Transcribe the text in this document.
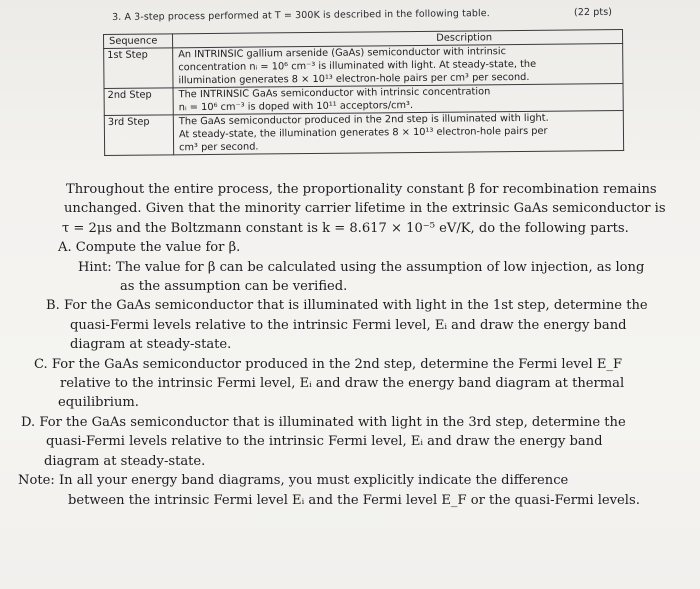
3. A 3-step process performed at T = 300K is described in the following table.	(22 pts)
Sequence	Description
1st Step	An INTRINSIC gallium arsenide (GaAs) semiconductor with intrinsic
concentration nᵢ = 10⁶ cm⁻³ is illuminated with light. At steady-state, the
illumination generates 8 × 10¹³ electron-hole pairs per cm³ per second.

2nd Step	The INTRINSIC GaAs semiconductor with intrinsic concentration
nᵢ = 10⁶ cm⁻³ is doped with 10¹¹ acceptors/cm³.

3rd Step	The GaAs semiconductor produced in the 2nd step is illuminated with light.
At steady-state, the illumination generates 8 × 10¹³ electron-hole pairs per
cm³ per second.

Throughout the entire process, the proportionality constant β for recombination remains

unchanged. Given that the minority carrier lifetime in the extrinsic GaAs semiconductor is

τ = 2μs and the Boltzmann constant is k = 8.617 × 10⁻⁵ eV/K, do the following parts.

A. Compute the value for β.

Hint: The value for β can be calculated using the assumption of low injection, as long

as the assumption can be verified.

B. For the GaAs semiconductor that is illuminated with light in the 1st step, determine the

quasi-Fermi levels relative to the intrinsic Fermi level, Eᵢ and draw the energy band

diagram at steady-state.

C. For the GaAs semiconductor produced in the 2nd step, determine the Fermi level E_F

relative to the intrinsic Fermi level, Eᵢ and draw the energy band diagram at thermal

equilibrium.

D. For the GaAs semiconductor that is illuminated with light in the 3rd step, determine the

quasi-Fermi levels relative to the intrinsic Fermi level, Eᵢ and draw the energy band

diagram at steady-state.

Note: In all your energy band diagrams, you must explicitly indicate the difference

between the intrinsic Fermi level Eᵢ and the Fermi level E_F or the quasi-Fermi levels.
